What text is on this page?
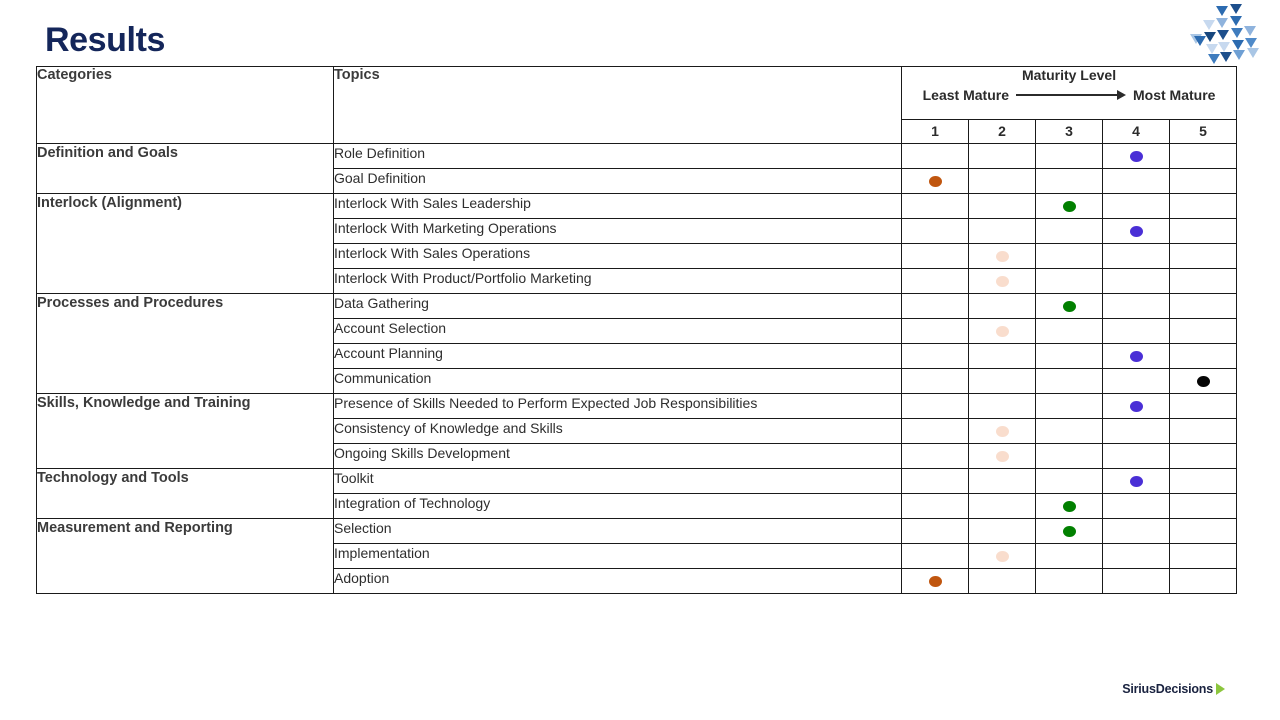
Results
Categories	Topics	Maturity Level
Least Mature Most Mature				

		1	2	3	4	5
Definition and Goals	Role Definition				

	Goal Definition	

Interlock (Alignment)	Interlock With Sales Leadership			

	Interlock With Marketing Operations				

	Interlock With Sales Operations		

	Interlock With Product/Portfolio Marketing		

Processes and Procedures	Data Gathering			

	Account Selection		

	Account Planning				

	Communication					

Skills, Knowledge and Training	Presence of Skills Needed to Perform Expected Job Responsibilities				

	Consistency of Knowledge and Skills		

	Ongoing Skills Development		

Technology and Tools	Toolkit				

	Integration of Technology			

Measurement and Reporting	Selection			

	Implementation		

	Adoption	

SiriusDecisions
